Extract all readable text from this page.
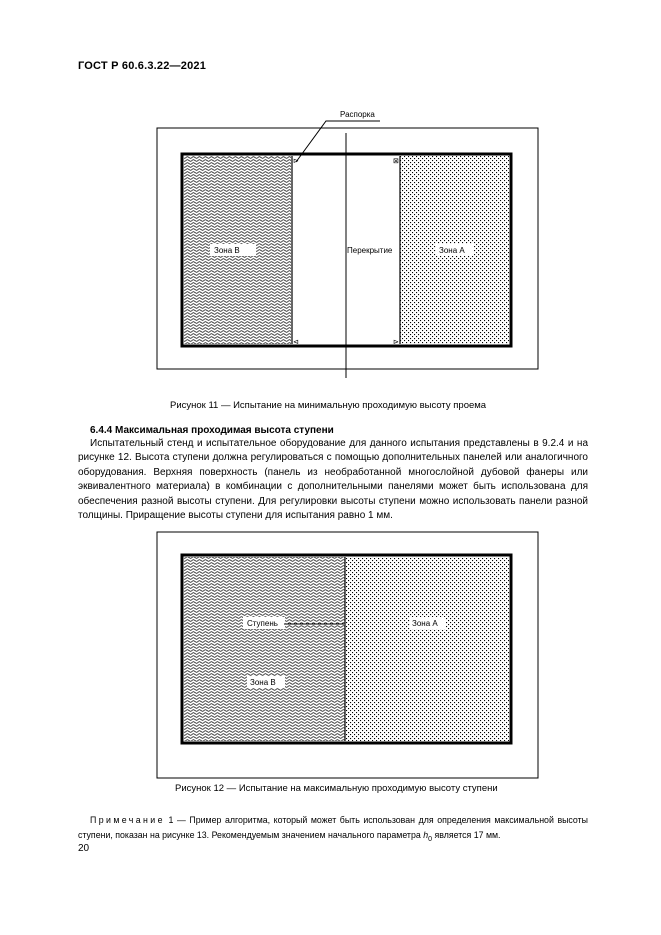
ГОСТ Р 60.6.3.22—2021
Распорка
⊳	⊠
⊲	⊳
Зона B	Перекрытие	Зона A
Рисунок 11 — Испытание на минимальную проходимую высоту проема
6.4.4 Максимальная проходимая высота ступени
Испытательный стенд и испытательное оборудование для данного испытания представлены в 9.2.4 и на рисунке 12. Высота ступени должна регулироваться с помощью дополнительных панелей или аналогичного оборудования. Верхняя поверхность (панель из необработанной многослойной дубовой фанеры или эквивалентного материала) в комбинации с дополнительными панелями может быть использована для обеспечения разной высоты ступени. Для регулировки высоты ступени можно использовать панели разной толщины. Приращение высоты ступени для испытания равно 1 мм.
Ступень	Зона A
Зона B
Рисунок 12 — Испытание на максимальную проходимую высоту ступени
Примечание 1 — Пример алгоритма, который может быть использован для определения максимальной высоты ступени, показан на рисунке 13. Рекомендуемым значением начального параметра $h_0$ является 17 мм.
20
